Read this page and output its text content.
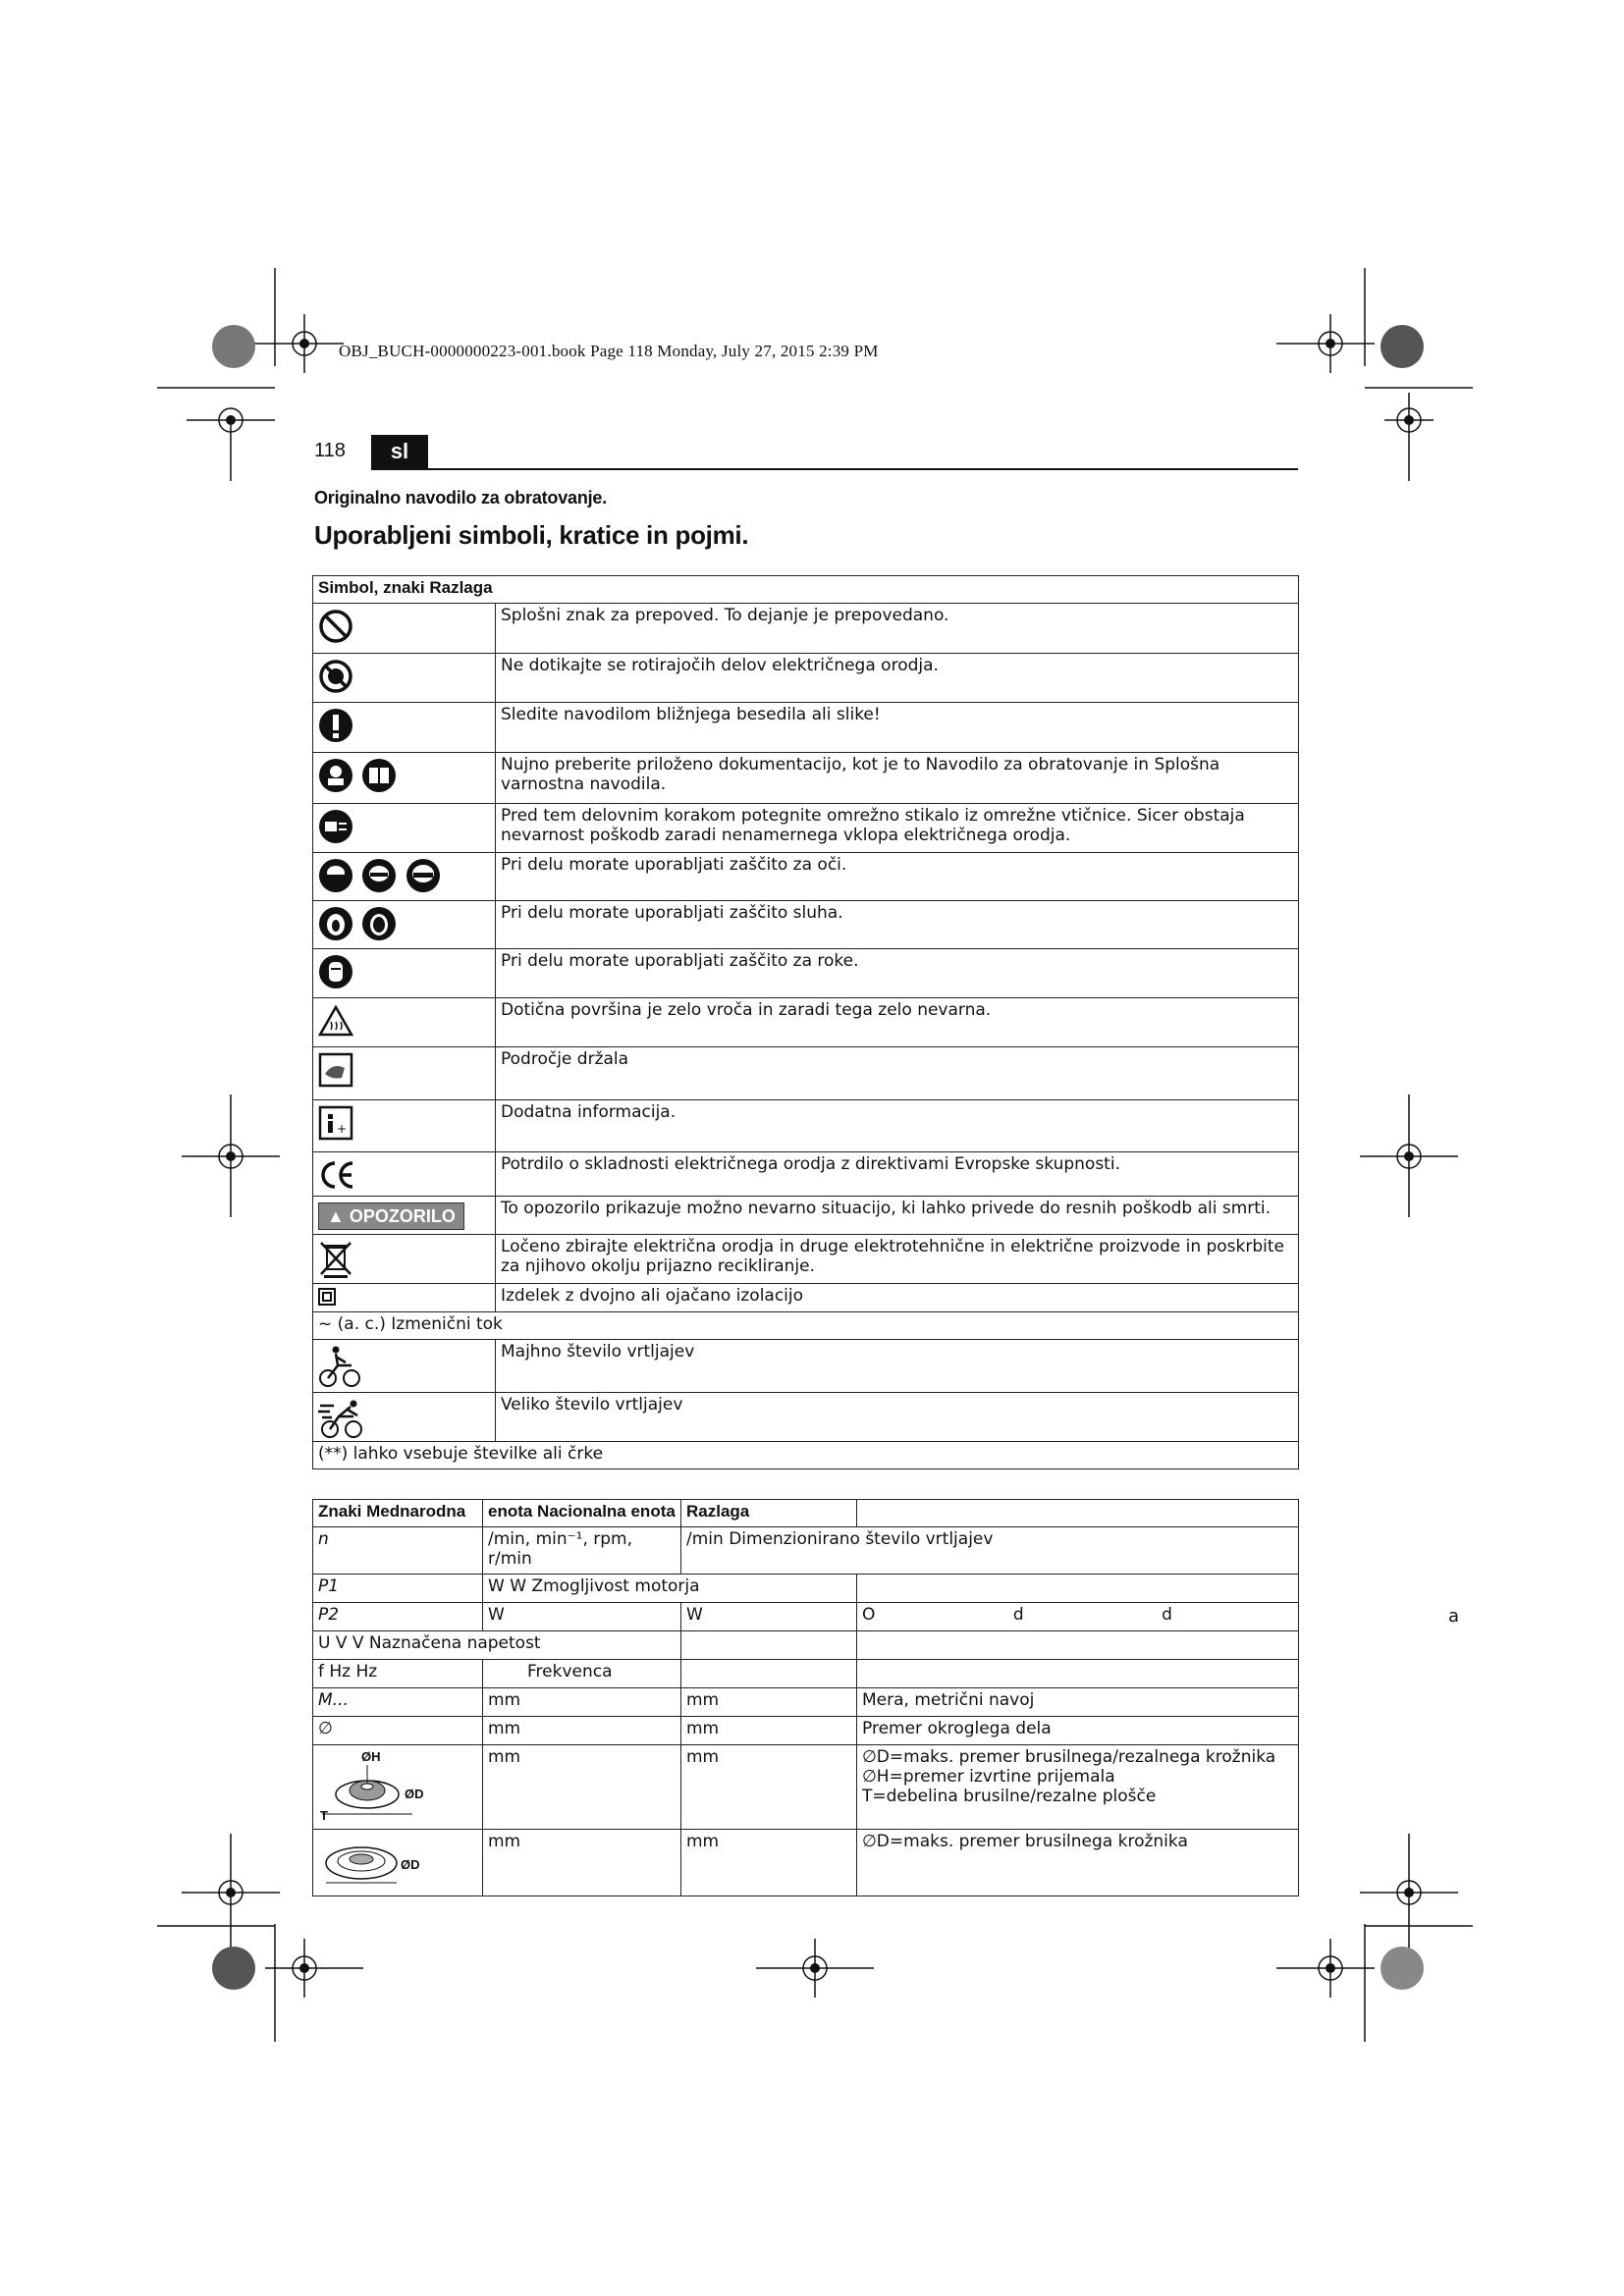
OBJ_BUCH-0000000223-001.book Page 118 Monday, July 27, 2015 2:39 PM
118	sl
Originalno navodilo za obratovanje.
Uporabljeni simboli, kratice in pojmi.
Simbol, znaki Razlaga	
	Splošni znak za prepoved. To dejanje je prepovedano.
	Ne dotikajte se rotirajočih delov električnega orodja.
	Sledite navodilom bližnjega besedila ali slike!
	Nujno preberite priloženo dokumentacijo, kot je to Navodilo za obratovanje in Splošna varnostna navodila.
	Pred tem delovnim korakom potegnite omrežno stikalo iz omrežne vtičnice. Sicer obstaja nevarnost poškodb zaradi nenamernega vklopa električnega orodja.
	Pri delu morate uporabljati zaščito za oči.
	Pri delu morate uporabljati zaščito sluha.
	Pri delu morate uporabljati zaščito za roke.
	Dotična površina je zelo vroča in zaradi tega zelo nevarna.
	Področje držala

+	Dodatna informacija.
	Potrdilo o skladnosti električnega orodja z direktivami Evropske skupnosti.
▲ OPOZORILO	To opozorilo prikazuje možno nevarno situacijo, ki lahko privede do resnih poškodb ali smrti.
	Ločeno zbirajte električna orodja in druge elektrotehnične in električne proizvode in poskrbite za njihovo okolju prijazno recikliranje.
	Izdelek z dvojno ali ojačano izolacijo
~ (a. c.) Izmenični tok	
	Majhno število vrtljajev
	Veliko število vrtljajev
(**) lahko vsebuje številke ali črke	
Znaki Mednarodna	enota Nacionalna enota	Razlaga	
n	/min, min⁻¹, rpm, r/min	/min Dimenzionirano število vrtljajev	
P1	W W Zmogljivost motorja		
P2	W	W	O                          d                          d
U V V Naznačena napetost			
f Hz Hz	Frekvenca		
M...	mm	mm	Mera, metrični navoj
∅	mm	mm	Premer okroglega dela

ØH
T
ØD	mm	mm	∅D=maks. premer brusilnega/rezalnega krožnika
∅H=premer izvrtine prijemala
T=debelina brusilne/rezalne plošče

ØD	mm	mm	∅D=maks. premer brusilnega krožnika
a
